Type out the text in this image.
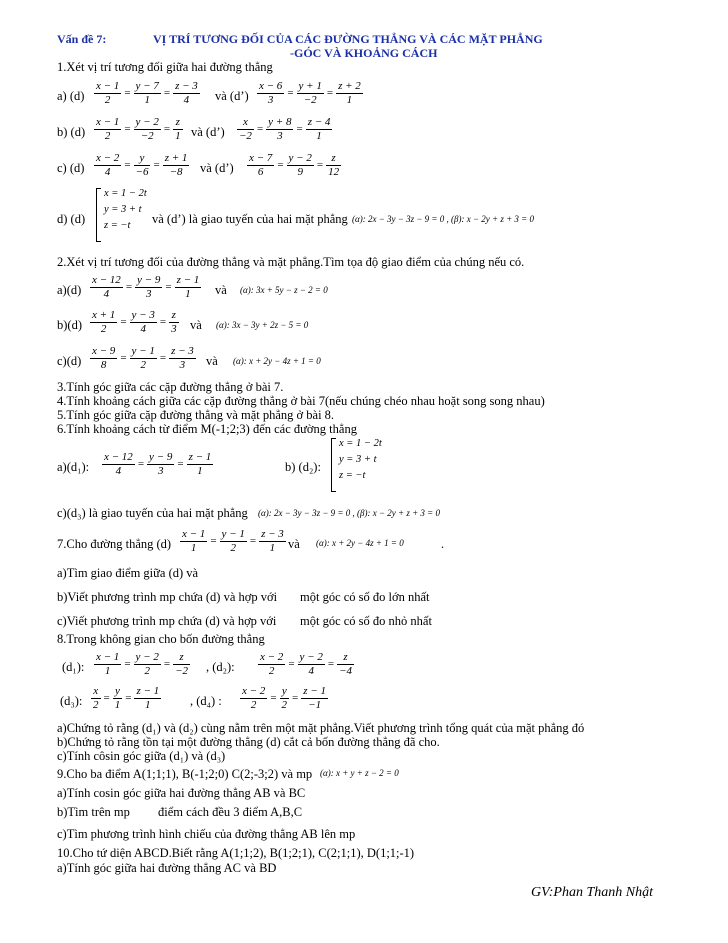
Vấn đề 7:	VỊ TRÍ TƯƠNG ĐỐI CỦA CÁC ĐƯỜNG THẲNG VÀ CÁC MẶT PHẲNG
-GÓC VÀ KHOẢNG CÁCH
1.Xét vị trí tương đối giữa hai đường thẳng
a) $(d) \frac{x - 1}{2} = \frac{y - 7}{1} = \frac{z - 3}{4}$ và (d’) $\frac{x - 6}{3} = \frac{y + 1}{-2} = \frac{z + 2}{1}$
b) $(d) \frac{x - 1}{2} = \frac{y - 2}{-2} = \frac{z}{1}$ và (d’) $\frac{x}{-2} = \frac{y + 8}{3} = \frac{z - 4}{1}$
c) $(d) \frac{x - 2}{4} = \frac{y}{-6} = \frac{z + 1}{-8}$ và (d’) $\frac{x - 7}{6} = \frac{y - 2}{9} = \frac{z}{12}$
d) (d)
x = 1 − 2t
y = 3 + t
z = −t	và (d’) là giao tuyến của hai mặt phẳng (α): 2x − 3y − 3z − 9 = 0 , (β): x − 2y + z + 3 = 0
2.Xét vị trí tương đối của đường thẳng và mặt phẳng.Tìm tọa độ giao điểm của chúng nếu có.
$a)(d) \frac{x - 12}{4} = \frac{y - 9}{3} = \frac{z - 1}{1}$ và (α): 3x + 5y − z − 2 = 0
$b)(d) \frac{x + 1}{2} = \frac{y - 3}{4} = \frac{z}{3}$ và (α): 3x − 3y + 2z − 5 = 0
$c)(d) \frac{x - 9}{8} = \frac{y - 1}{2} = \frac{z - 3}{3}$ và (α): x + 2y − 4z + 1 = 0
3.Tính góc giữa các cặp đường thẳng ở bài 7.
4.Tính khoảng cách giữa các cặp đường thẳng ở bài 7(nếu chúng chéo nhau hoặt song song nhau)
5.Tính góc giữa cặp đường thẳng và mặt phẳng ở bài 8.
6.Tính khoảng cách từ điểm M(-1;2;3) đến các đường thẳng
a)(d₁): $\frac{x - 12}{4} = \frac{y - 9}{3} = \frac{z - 1}{1}$	b) (d₂):
x = 1 − 2t
y = 3 + t
z = −t
c)(d₃) là giao tuyến của hai mặt phẳng (α): 2x − 3y − 3z − 9 = 0 , (β): x − 2y + z + 3 = 0
7.Cho đường thẳng $(d) \frac{x - 1}{1} = \frac{y - 1}{2} = \frac{z - 3}{1}$ và (α): x + 2y − 4z + 1 = 0	.
a)Tìm giao điểm giữa (d) và
b)Viết phương trình mp chứa (d) và hợp với một góc có số đo lớn nhất
c)Viết phương trình mp chứa (d) và hợp với một góc có số đo nhỏ nhất
8.Trong không gian cho bốn đường thẳng
(d₁): $\frac{x - 1}{1} = \frac{y - 2}{2} = \frac{z}{-2}$ , (d₂): $\frac{x - 2}{2} = \frac{y - 2}{4} = \frac{z}{-4}$
(d₃): $\frac{x}{2} = \frac{y}{1} = \frac{z - 1}{1}$ , (d₄) : $\frac{x - 2}{2} = \frac{y}{2} = \frac{z - 1}{-1}$
a)Chứng tỏ rằng (d₁) và (d₂) cùng nằm trên một mặt phẳng.Viết phương trình tổng quát của mặt phẳng đó
b)Chứng tỏ rằng tồn tại một đường thẳng (d) cắt cả bốn đường thẳng đã cho.
c)Tính côsin góc giữa (d₁) và (d₃)
9.Cho ba điểm A(1;1;1), B(-1;2;0) C(2;-3;2) và mp (α): x + y + z − 2 = 0
a)Tính cosin góc giữa hai đường thẳng AB và BC
b)Tìm trên mp điểm cách đều 3 điểm A,B,C
c)Tìm phương trình hình chiếu của đường thẳng AB lên mp
10.Cho tứ diện ABCD.Biết rằng A(1;1;2), B(1;2;1), C(2;1;1), D(1;1;-1)
a)Tính góc giữa hai đường thẳng AC và BD
GV:Phan Thanh Nhật
